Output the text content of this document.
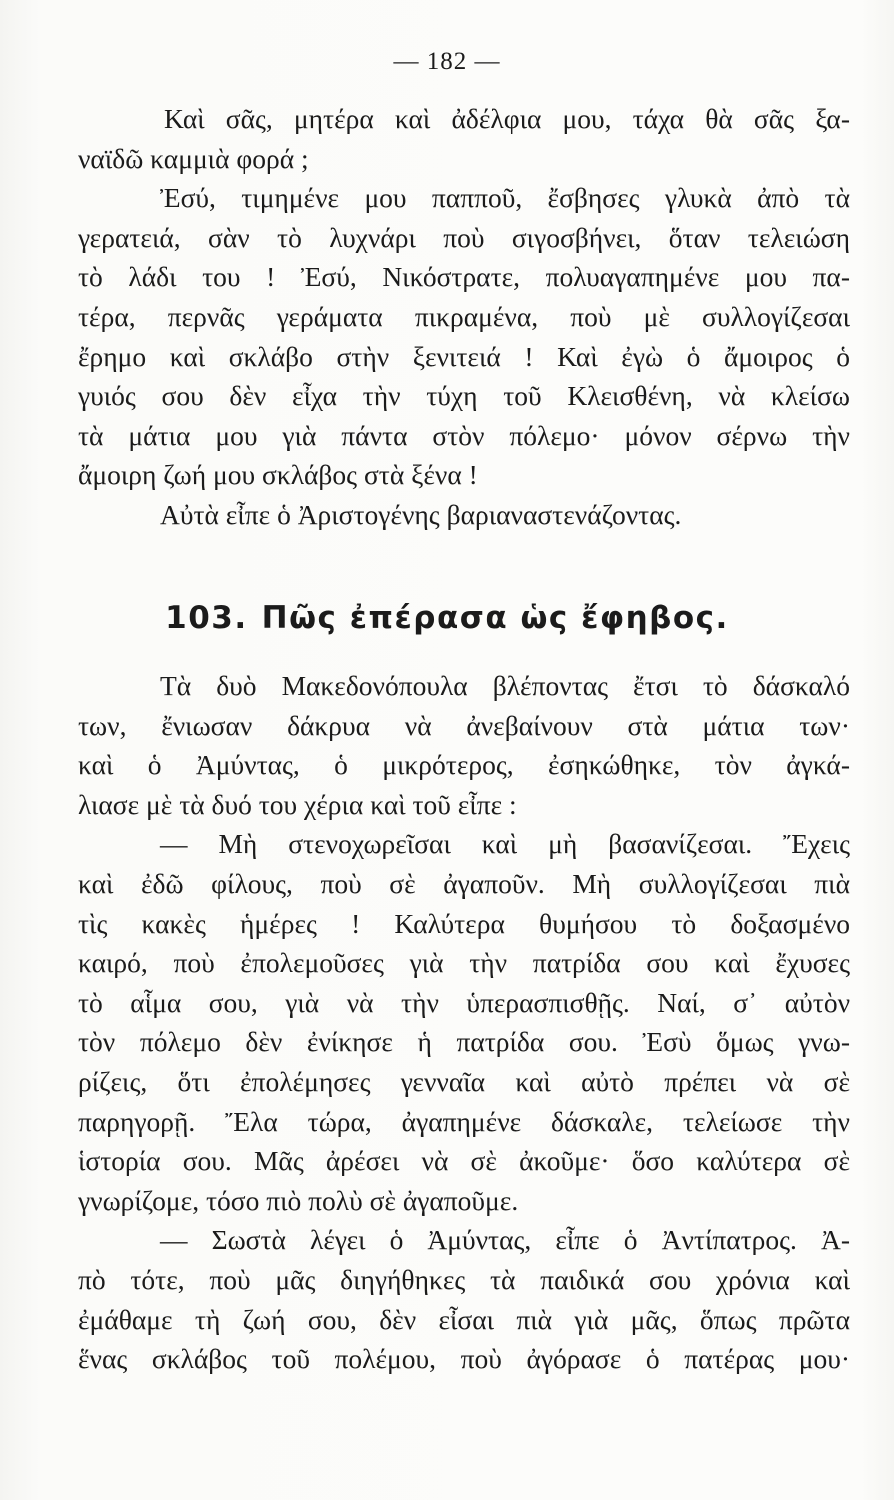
— 182 —
Καὶ σᾶς, μητέρα καὶ ἀδέλφια μου, τάχα θὰ σᾶς ξα-
ναϊδῶ καμμιὰ φορά ;
Ἐσύ, τιμημένε μου παπποῦ, ἔσβησες γλυκὰ ἀπὸ τὰ
γερατειά, σὰν τὸ λυχνάρι ποὺ σιγοσβήνει, ὅταν τελειώση
τὸ λάδι του ! Ἐσύ, Νικόστρατε, πολυαγαπημένε μου πα-
τέρα, περνᾶς γεράματα πικραμένα, ποὺ μὲ συλλογίζεσαι
ἔρημο καὶ σκλάβο στὴν ξενιτειά ! Καὶ ἐγὼ ὁ ἄμοιρος ὁ
γυιός σου δὲν εἶχα τὴν τύχη τοῦ Κλεισθένη, νὰ κλείσω
τὰ μάτια μου γιὰ πάντα στὸν πόλεμο· μόνον σέρνω τὴν
ἄμοιρη ζωή μου σκλάβος στὰ ξένα !
Αὐτὰ εἶπε ὁ Ἀριστογένης βαριαναστενάζοντας.
103. Πῶς ἐπέρασα ὡς ἔφηβος.
Τὰ δυὸ Μακεδονόπουλα βλέποντας ἔτσι τὸ δάσκαλό
των, ἔνιωσαν δάκρυα νὰ ἀνεβαίνουν στὰ μάτια των·
καὶ ὁ Ἀμύντας, ὁ μικρότερος, ἐσηκώθηκε, τὸν ἀγκά-
λιασε μὲ τὰ δυό του χέρια καὶ τοῦ εἶπε :
— Μὴ στενοχωρεῖσαι καὶ μὴ βασανίζεσαι. Ἔχεις
καὶ ἐδῶ φίλους, ποὺ σὲ ἀγαποῦν. Μὴ συλλογίζεσαι πιὰ
τὶς κακὲς ἡμέρες ! Καλύτερα θυμήσου τὸ δοξασμένο
καιρό, ποὺ ἐπολεμοῦσες γιὰ τὴν πατρίδα σου καὶ ἔχυσες
τὸ αἷμα σου, γιὰ νὰ τὴν ὑπερασπισθῇς. Ναί, σ᾽ αὐτὸν
τὸν πόλεμο δὲν ἐνίκησε ἡ πατρίδα σου. Ἐσὺ ὅμως γνω-
ρίζεις, ὅτι ἐπολέμησες γενναῖα καὶ αὐτὸ πρέπει νὰ σὲ
παρηγορῇ. Ἔλα τώρα, ἀγαπημένε δάσκαλε, τελείωσε τὴν
ἱστορία σου. Μᾶς ἀρέσει νὰ σὲ ἀκοῦμε· ὅσο καλύτερα σὲ
γνωρίζομε, τόσο πιὸ πολὺ σὲ ἀγαποῦμε.
— Σωστὰ λέγει ὁ Ἀμύντας, εἶπε ὁ Ἀντίπατρος. Ἀ-
πὸ τότε, ποὺ μᾶς διηγήθηκες τὰ παιδικά σου χρόνια καὶ
ἐμάθαμε τὴ ζωή σου, δὲν εἶσαι πιὰ γιὰ μᾶς, ὅπως πρῶτα
ἕνας σκλάβος τοῦ πολέμου, ποὺ ἀγόρασε ὁ πατέρας μου·
